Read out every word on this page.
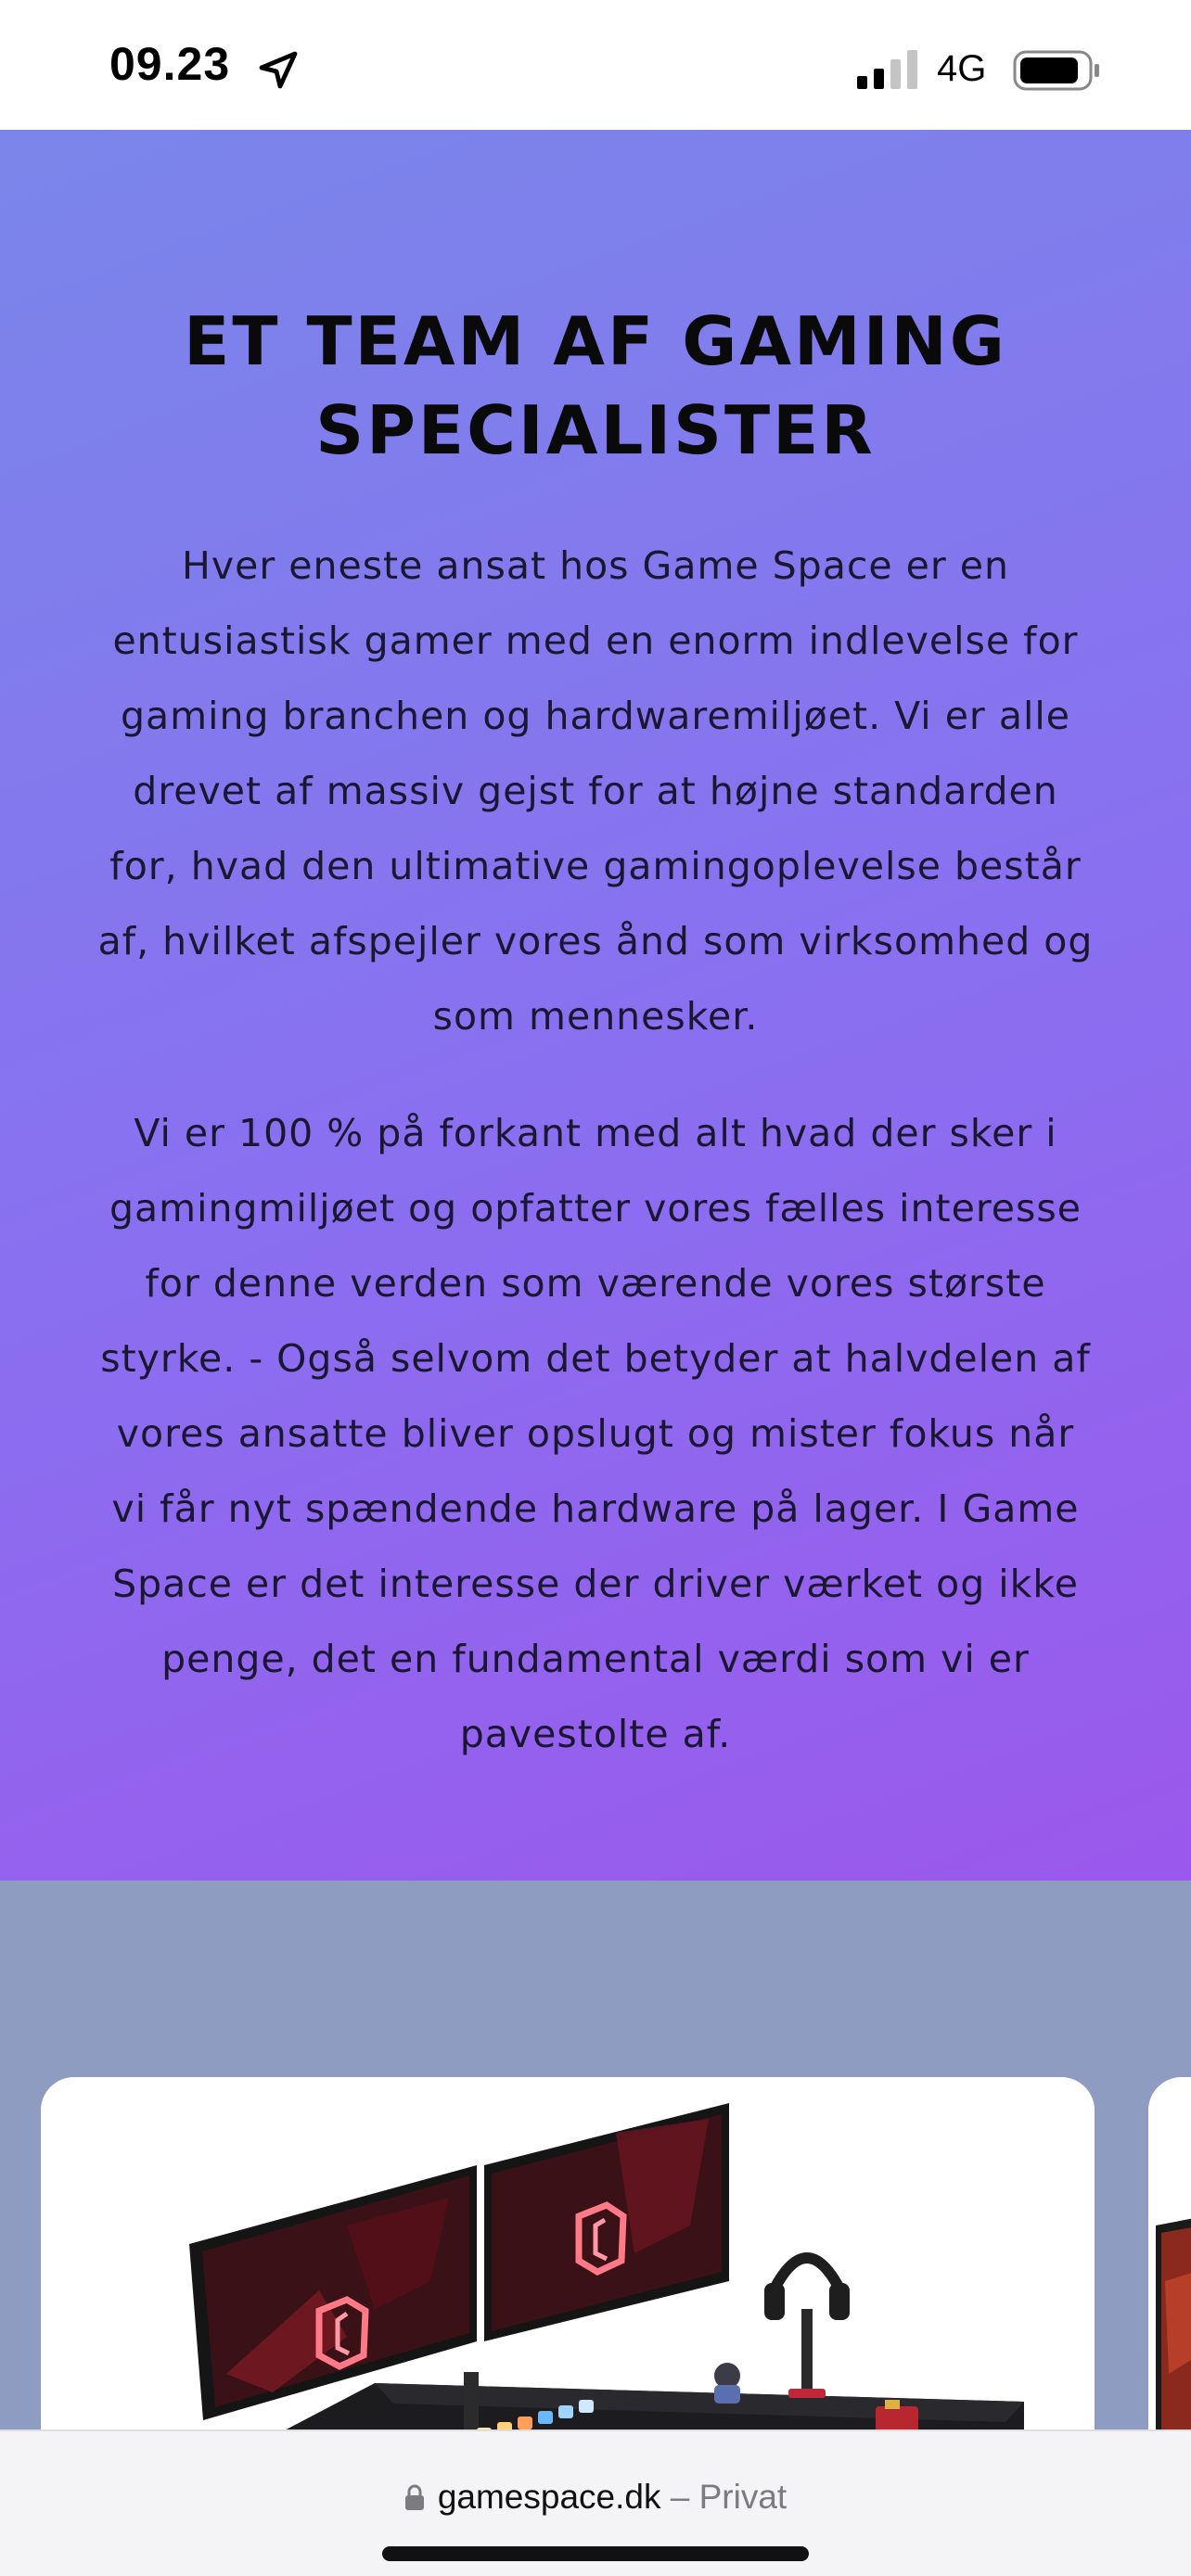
09.23	4G
ET TEAM AF GAMING
SPECIALISTER

Hver eneste ansat hos Game Space er en entusiastisk gamer med en enorm indlevelse for gaming branchen og hardwaremiljøet. Vi er alle drevet af massiv gejst for at højne standarden for, hvad den ultimative gamingoplevelse består af, hvilket afspejler vores ånd som virksomhed og som mennesker.

Vi er 100 % på forkant med alt hvad der sker i gamingmiljøet og opfatter vores fælles interesse for denne verden som værende vores største styrke. - Også selvom det betyder at halvdelen af vores ansatte bliver opslugt og mister fokus når vi får nyt spændende hardware på lager. I Game Space er det interesse der driver værket og ikke penge, det en fundamental værdi som vi er pavestolte af.

gamespace.dk – Privat
